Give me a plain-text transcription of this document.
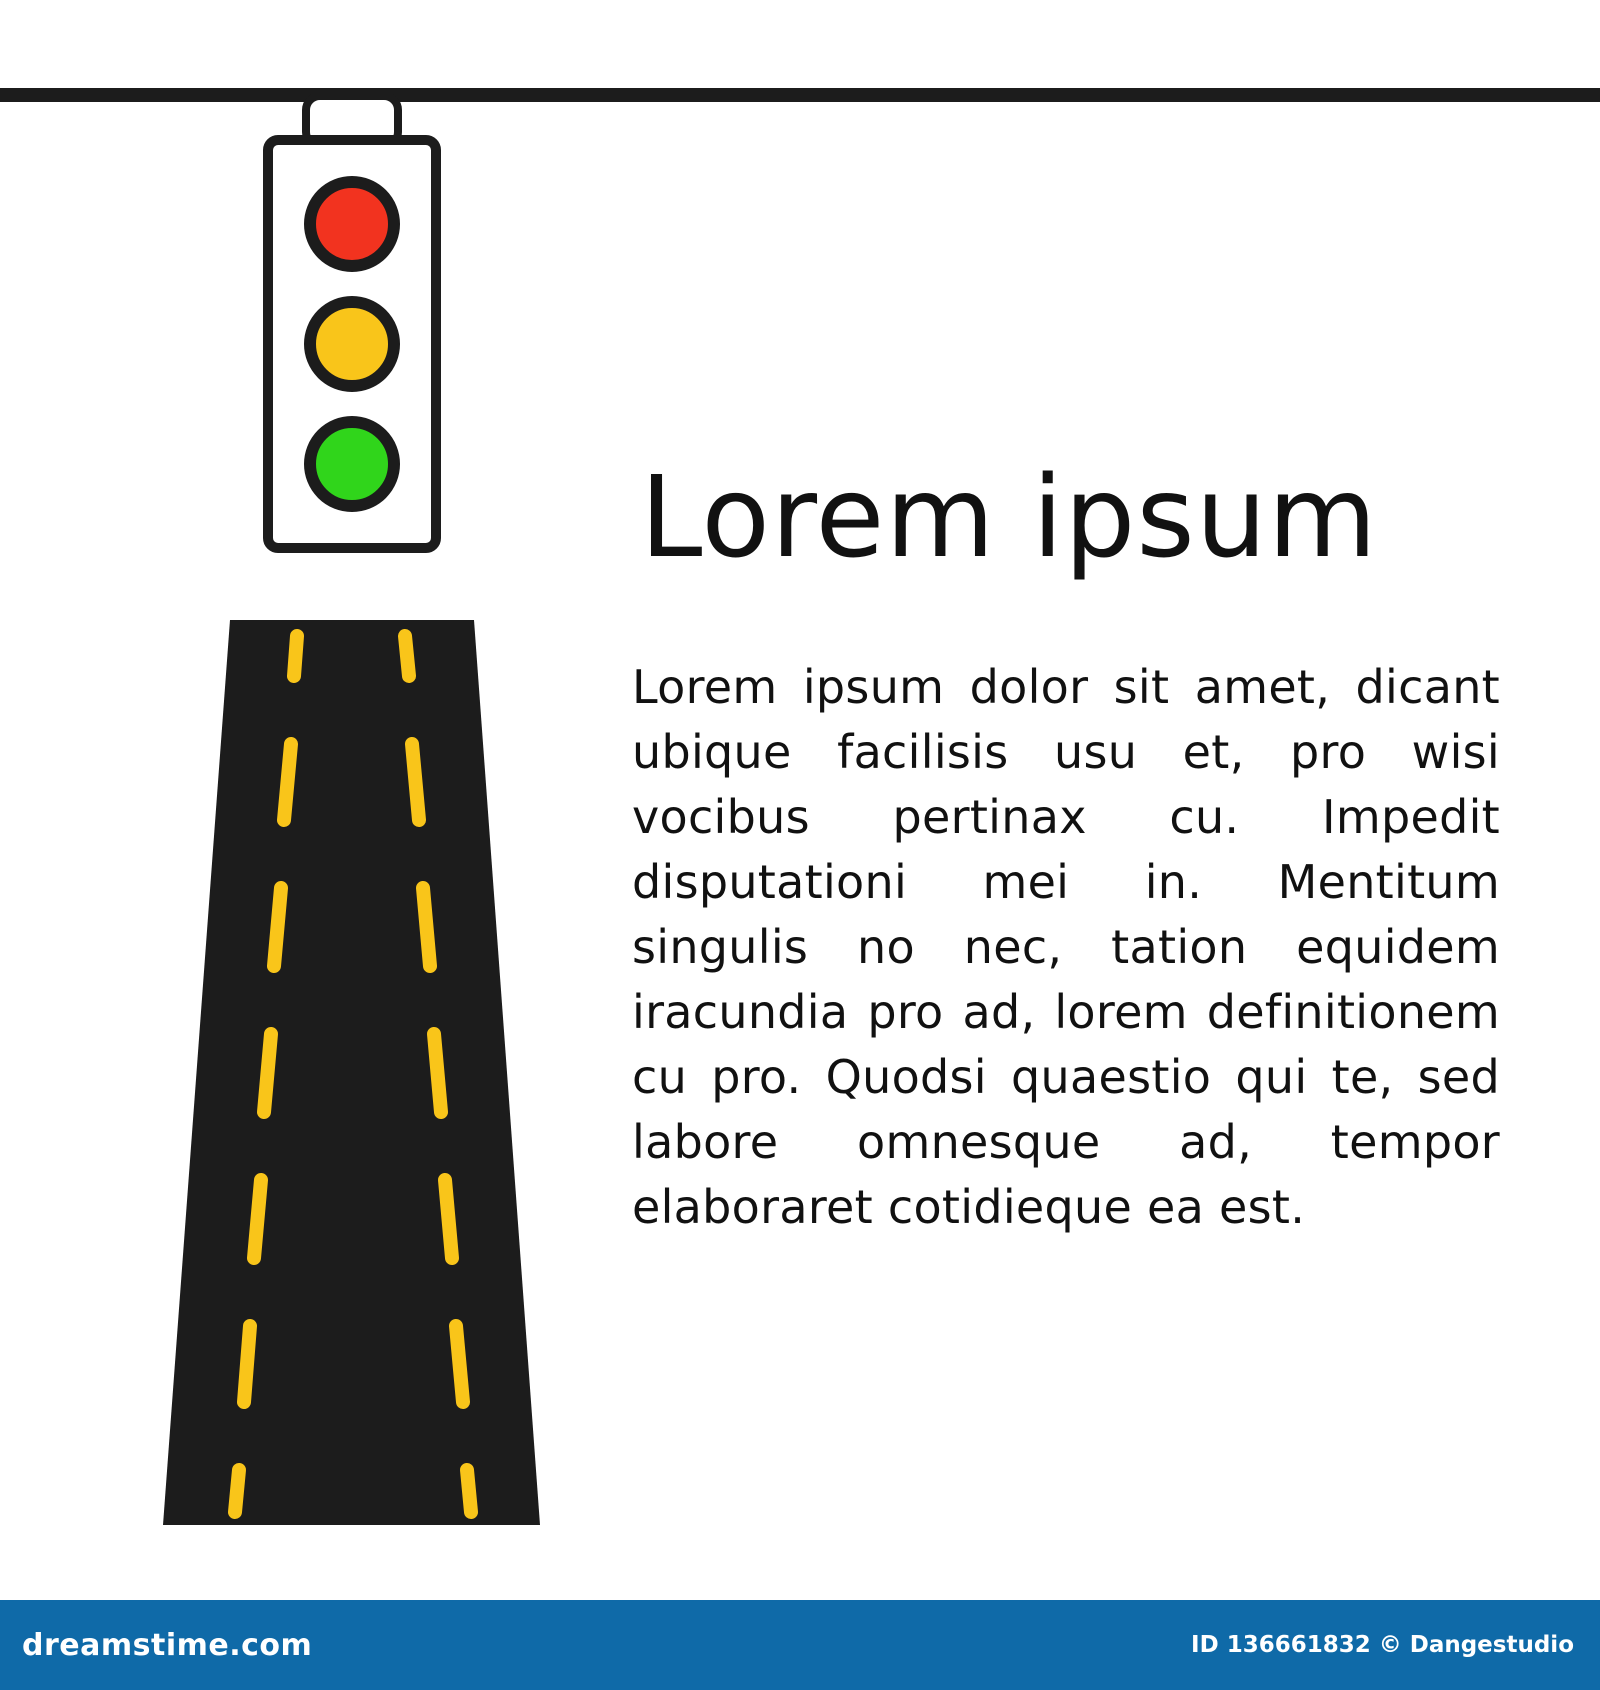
Lorem ipsum

Lorem ipsum dolor sit amet, dicant ubique facilisis usu et, pro wisi vocibus pertinax cu. Impedit disputationi mei in. Mentitum singulis no nec, tation equidem iracundia pro ad, lorem definitionem cu pro. Quodsi quaestio qui te, sed labore omnesque ad, tempor elaboraret cotidieque ea est.

dreamstime.com	ID 136661832 © Dangestudio
